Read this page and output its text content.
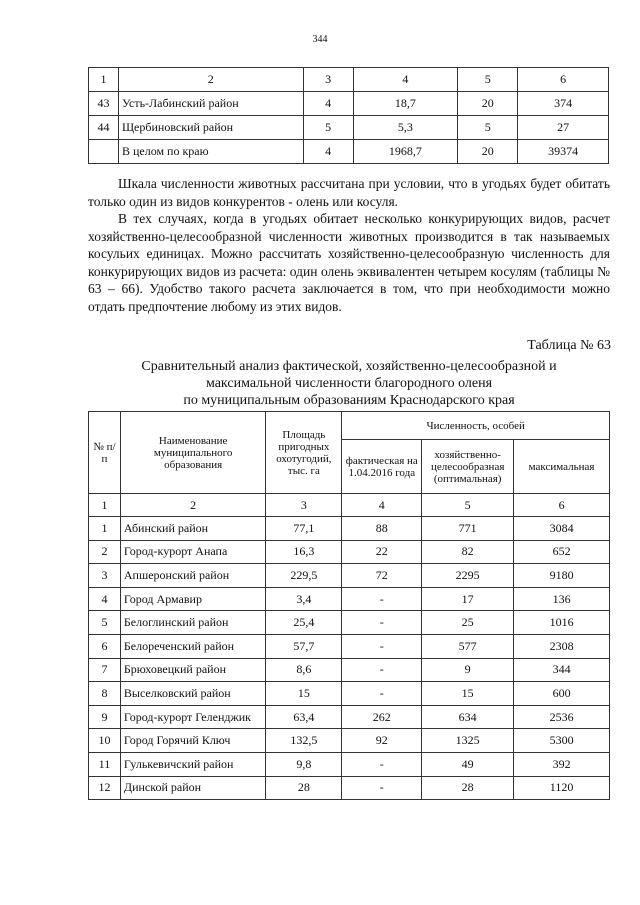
344
1	2	3	4	5	6
43	Усть-Лабинский район	4	18,7	20	374
44	Щербиновский район	5	5,3	5	27
	В целом по краю	4	1968,7	20	39374

Шкала численности животных рассчитана при условии, что в угодьях будет обитать только один из видов конкурентов - олень или косуля.

В тех случаях, когда в угодьях обитает несколько конкурирующих видов, расчет хозяйственно-целесообразной численности животных производится в так называемых косульих единицах. Можно рассчитать хозяйственно-целесообразную численность для конкурирующих видов из расчета: один олень эквивалентен четырем косулям (таблицы № 63 – 66). Удобство такого расчета заключается в том, что при необходимости можно отдать предпочтение любому из этих видов.

Таблица № 63
Сравнительный анализ фактической, хозяйственно-целесообразной и
максимальной численности благородного оленя
по муниципальным образованиям Краснодарского края
№ п/п	Наименование муниципального образования	Площадь пригодных охотугодий, тыс. га	Численность, особей		
			фактическая на 1.04.2016 года	хозяйственно-целесообразная (оптимальная)	максимальная
1	2	3	4	5	6
1	Абинский район	77,1	88	771	3084
2	Город-курорт Анапа	16,3	22	82	652
3	Апшеронский район	229,5	72	2295	9180
4	Город Армавир	3,4	-	17	136
5	Белоглинский район	25,4	-	25	1016
6	Белореченский район	57,7	-	577	2308
7	Брюховецкий район	8,6	-	9	344
8	Выселковский район	15	-	15	600
9	Город-курорт Геленджик	63,4	262	634	2536
10	Город Горячий Ключ	132,5	92	1325	5300
11	Гулькевичский район	9,8	-	49	392
12	Динской район	28	-	28	1120
